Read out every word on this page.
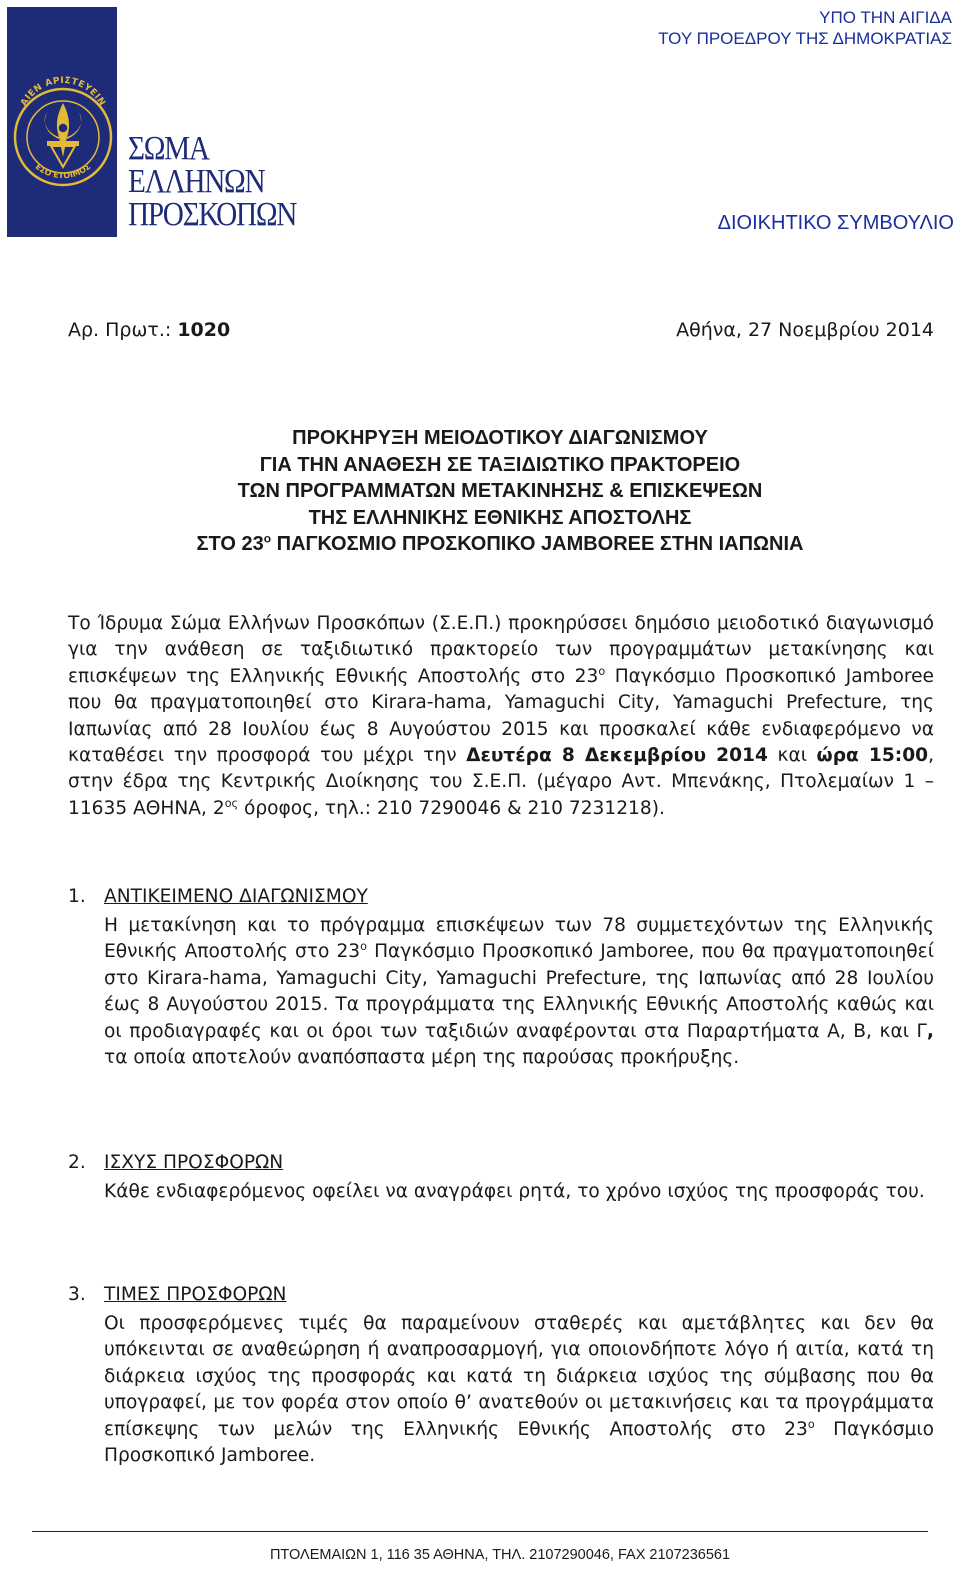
ΑΙΕΝ ΑΡΙΣΤΕΥΕΙΝ
ΕΣΟ ΕΤΟΙΜΟΣ
ΣΩΜΑ
ΕΛΛΗΝΩΝ
ΠΡΟΣΚΟΠΩΝ
ΥΠΟ ΤΗΝ ΑΙΓΙΔΑ
ΤΟΥ ΠΡΟΕΔΡΟΥ ΤΗΣ ΔΗΜΟΚΡΑΤΙΑΣ
ΔΙΟΙΚΗΤΙΚΟ ΣΥΜΒΟΥΛΙΟ
Αρ. Πρωτ.: 1020	Αθήνα, 27 Νοεμβρίου 2014
ΠΡΟΚΗΡΥΞΗ ΜΕΙΟΔΟΤΙΚΟΥ ΔΙΑΓΩΝΙΣΜΟΥ
ΓΙΑ ΤΗΝ ΑΝΑΘΕΣΗ ΣΕ ΤΑΞΙΔΙΩΤΙΚΟ ΠΡΑΚΤΟΡΕΙΟ
ΤΩΝ ΠΡΟΓΡΑΜΜΑΤΩΝ ΜΕΤΑΚΙΝΗΣΗΣ & ΕΠΙΣΚΕΨΕΩΝ
ΤΗΣ ΕΛΛΗΝΙΚΗΣ ΕΘΝΙΚΗΣ ΑΠΟΣΤΟΛΗΣ
ΣΤΟ $23^o$ ΠΑΓΚΟΣΜΙΟ ΠΡΟΣΚΟΠΙΚΟ JAMBOREE ΣΤΗΝ ΙΑΠΩΝΙΑ
Το Ίδρυμα Σώμα Ελλήνων Προσκόπων (Σ.Ε.Π.) προκηρύσσει δημόσιο μειοδοτικό διαγωνισμό για την ανάθεση σε ταξιδιωτικό πρακτορείο των προγραμμάτων μετακίνησης και επισκέψεων της Ελληνικής Εθνικής Αποστολής στο $23^o$ Παγκόσμιο Προσκοπικό Jamboree που θα πραγματοποιηθεί στο Kirara-hama, Yamaguchi City, Yamaguchi Prefecture, της Ιαπωνίας από 28 Ιουλίου έως 8 Αυγούστου 2015 και προσκαλεί κάθε ενδιαφερόμενο να καταθέσει την προσφορά του μέχρι την Δευτέρα 8 Δεκεμβρίου 2014 και ώρα 15:00, στην έδρα της Κεντρικής Διοίκησης του Σ.Ε.Π. (μέγαρο Αντ. Μπενάκης, Πτολεμαίων 1 – 11635 ΑΘΗΝΑ, $2^{o\varsigma}$ όροφος, τηλ.: 210 7290046 & 210 7231218).
1. ΑΝΤΙΚΕΙΜΕΝΟ ΔΙΑΓΩΝΙΣΜΟΥ
Η μετακίνηση και το πρόγραμμα επισκέψεων των 78 συμμετεχόντων της Ελληνικής Εθνικής Αποστολής στο $23^o$ Παγκόσμιο Προσκοπικό Jamboree, που θα πραγματοποιηθεί στο Kirara-hama, Yamaguchi City, Yamaguchi Prefecture, της Ιαπωνίας από 28 Ιουλίου έως 8 Αυγούστου 2015. Τα προγράμματα της Ελληνικής Εθνικής Αποστολής καθώς και οι προδιαγραφές και οι όροι των ταξιδιών αναφέρονται στα Παραρτήματα Α, Β, και Γ, τα οποία αποτελούν αναπόσπαστα μέρη της παρούσας προκήρυξης.
2. ΙΣΧΥΣ ΠΡΟΣΦΟΡΩΝ
Κάθε ενδιαφερόμενος οφείλει να αναγράφει ρητά, το χρόνο ισχύος της προσφοράς του.
3. ΤΙΜΕΣ ΠΡΟΣΦΟΡΩΝ
Οι προσφερόμενες τιμές θα παραμείνουν σταθερές και αμετάβλητες και δεν θα υπόκεινται σε αναθεώρηση ή αναπροσαρμογή, για οποιονδήποτε λόγο ή αιτία, κατά τη διάρκεια ισχύος της προσφοράς και κατά τη διάρκεια ισχύος της σύμβασης που θα υπογραφεί, με τον φορέα στον οποίο θ’ ανατεθούν οι μετακινήσεις και τα προγράμματα επίσκεψης των μελών της Ελληνικής Εθνικής Αποστολής στο $23^o$ Παγκόσμιο Προσκοπικό Jamboree.
ΠΤΟΛΕΜΑΙΩΝ 1, 116 35 ΑΘΗΝΑ, ΤΗΛ. 2107290046, FAX 2107236561
